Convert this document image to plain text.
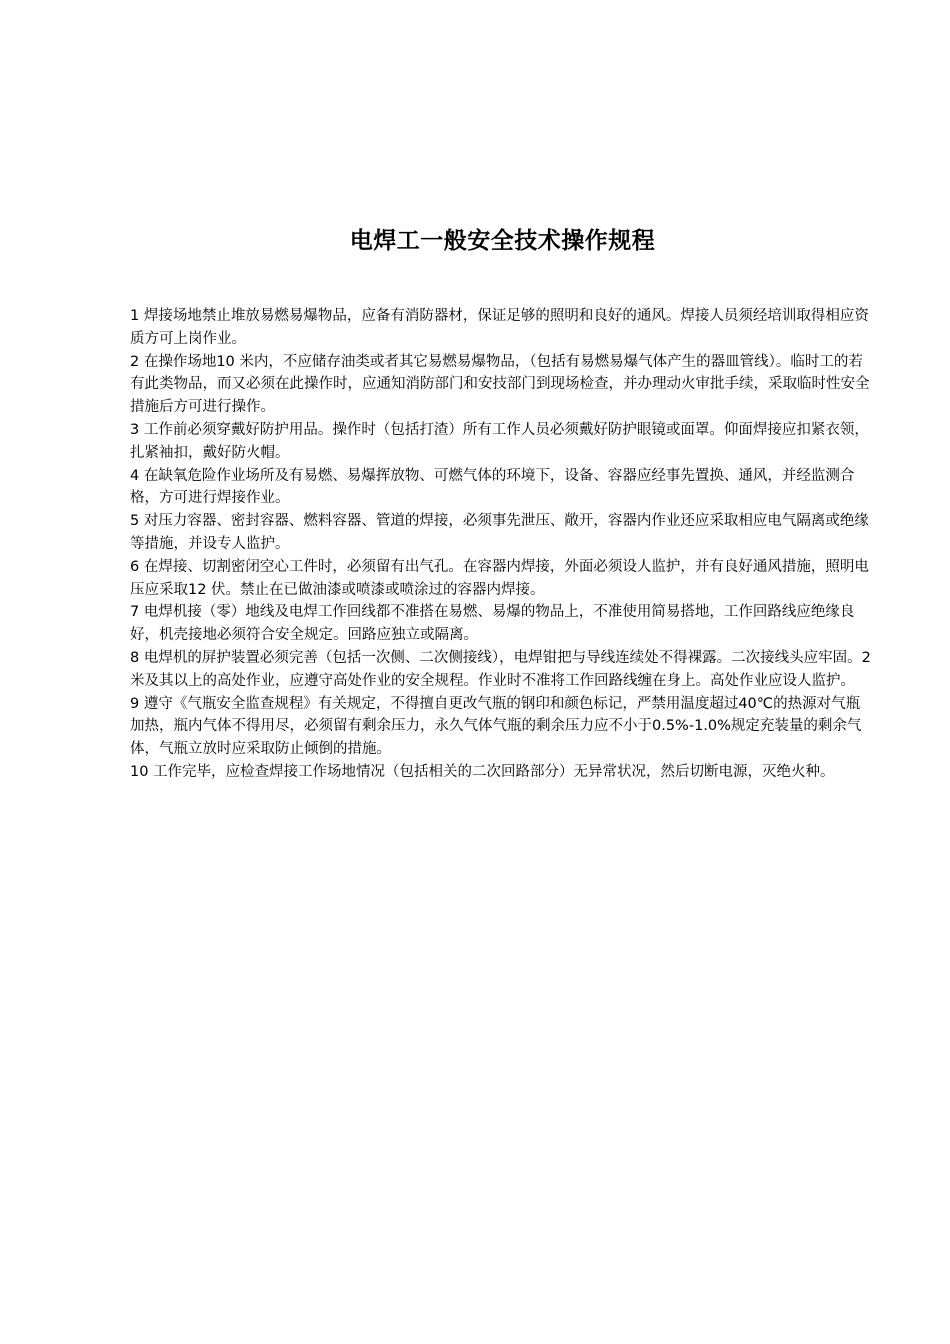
电焊工一般安全技术操作规程

1 焊接场地禁止堆放易燃易爆物品，应备有消防器材，保证足够的照明和良好的通风。焊接人员须经培训取得相应资质方可上岗作业。

2 在操作场地10 米内，不应储存油类或者其它易燃易爆物品，（包括有易燃易爆气体产生的器皿管线）。临时工的若有此类物品，而又必须在此操作时，应通知消防部门和安技部门到现场检查，并办理动火审批手续，采取临时性安全措施后方可进行操作。

3 工作前必须穿戴好防护用品。操作时（包括打渣）所有工作人员必须戴好防护眼镜或面罩。仰面焊接应扣紧衣领，扎紧袖扣，戴好防火帽。

4 在缺氧危险作业场所及有易燃、易爆挥放物、可燃气体的环境下，设备、容器应经事先置换、通风，并经监测合格，方可进行焊接作业。

5 对压力容器、密封容器、燃料容器、管道的焊接，必须事先泄压、敞开，容器内作业还应采取相应电气隔离或绝缘等措施，并设专人监护。

6 在焊接、切割密闭空心工件时，必须留有出气孔。在容器内焊接，外面必须设人监护，并有良好通风措施，照明电压应采取12 伏。禁止在已做油漆或喷漆或喷涂过的容器内焊接。

7 电焊机接（零）地线及电焊工作回线都不准搭在易燃、易爆的物品上，不准使用简易搭地，工作回路线应绝缘良好，机壳接地必须符合安全规定。回路应独立或隔离。

8 电焊机的屏护装置必须完善（包括一次侧、二次侧接线），电焊钳把与导线连续处不得裸露。二次接线头应牢固。2 米及其以上的高处作业，应遵守高处作业的安全规程。作业时不准将工作回路线缠在身上。高处作业应设人监护。

9 遵守《气瓶安全监查规程》有关规定，不得擅自更改气瓶的钢印和颜色标记，严禁用温度超过40℃的热源对气瓶加热，瓶内气体不得用尽，必须留有剩余压力，永久气体气瓶的剩余压力应不小于0.5%-1.0%规定充装量的剩余气体，气瓶立放时应采取防止倾倒的措施。

10 工作完毕，应检查焊接工作场地情况（包括相关的二次回路部分）无异常状况，然后切断电源，灭绝火种。
